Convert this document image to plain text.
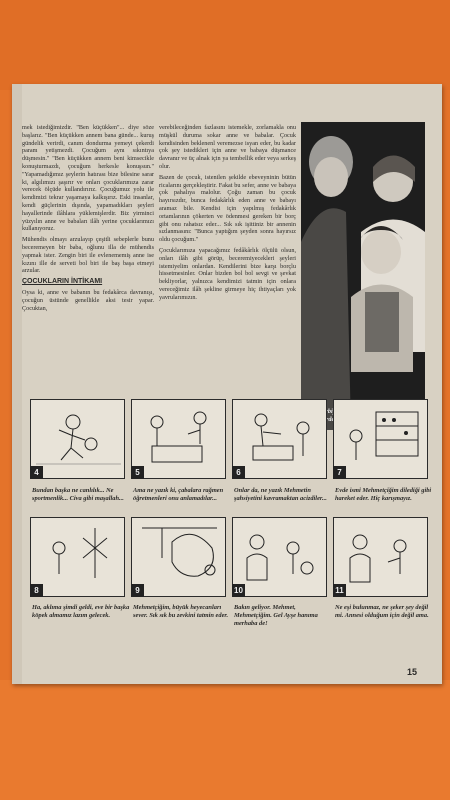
mek istediğimizdir. "Ben küçükken"... diye söze başlarız. "Ben küçükken annem bana günde... kuruş gündelik verirdi, canım dondurma yemeyi çekerdi param yetişmezdi. Çocuğum aynı sıkıntıya düşmesin." "Ben küçükken annem beni kimsecikle konuşturmazdı, çocuğum herkesle konuşsun." "Yapamadığımız şeylerin hatırası bize bilesine sarar ki, algılımızı şaşırır ve onları çocuklarımıza zarar verecek ölçüde kullandırırız. Çocuğumuz yolu ile kendimizi tekrar yaşamaya kalkışırız. Eski insanlar, kendi güçlerinin dışında, yapamadıkları şeyleri hayallerinde ilâhlara yüklemişlerdir. Biz yirminci yüzyılın anne ve babaları ilâh yerine çocuklarımızı kullanıyoruz.

Mühendis olmayı arzulayıp çeşitli sebeplerle bunu beceremeyen bir baba, oğlunu illa de mühendis yapmak ister. Zengin biri ile evlenememiş anne ise kızını ille de serveti bol biri ile baş başa etmeyi arzular.

ÇOCUKLARIN İNTİKAMI

Oysa ki, anne ve babanın bu fedakârca davranışı, çocuğun üstünde genellikle aksi tesir yapar. Çocuktan,

verebileceğinden fazlasını istemekle, zorlamakla onu müşkül duruma sokar anne ve babalar. Çocuk kendisinden beklenenl veremezse isyan eder, bu kadar çok şey istedikleri için anne ve babaya düşmance davranır ve üç alnak için ya tembellik eder veya serkeş olur.

Bazen de çocuk, istenilen şekilde ebeveyninin bütün ricalarını gerçekleştirir. Fakat bu sefer, anne ve babaya çok pahalıya malolur. Çoğu zaman bu çocuk hayırsızdır, bunca fedakârlık eden anne ve babayı aramaz bile. Kendisi için yapılmış fedakârlık ortamlarının çökerten ve ödenmesi gereken bir borç gibi onu rahatsız eder... Sık sık işittiniz bir annenin sızlanmasını: "Bunca yaptığım şeyden sonra hayırsız oldu çocuğum."

Çocuklarımıza yapacağımız fedâkârlık ölçülü olsun, onları ilâh gibi görüp, beceremiyecekleri şeyleri istemiyelim onlardan. Kendilerini bize karşı borçlu hissetmesinler. Onlar bizden bol bol sevgi ve şevkat bekliyorlar, yalnızca kendimizi tatmin için onlara vereceğimiz ilâh şekline girmeye hiç ihtiyaçları yok yavrularımızın.

yerde,
4	5	6	7
Bundan başka ne canlılık... Ne sportmenlik... Civa gibi maşallah...
Ama ne yazık ki, çabalara rağmen öğretmenleri onu anlamadılar...
Onlar da, ne yazık Mehmetin şahsiyetini kavramaktan acizdiler...
Evde ismi Mehmetçiğim dilediği gibi hareket eder. Hiç karışmayız.
8	9	10	11
Ha, aklıma şimdi geldi, eve bir başka köpek almamız lazım gelecek.
Mehmetçiğim, büyük heyecanları sever. Sık sık bu zevkini tatmin eder.
Bakın geliyor. Mehmet, Mehmetçiğim. Gel Ayşe hanıma merhaba de!
Ne eşi bulunmaz, ne şeker şey değil mi. Annesi olduğum için değil ama.
15
